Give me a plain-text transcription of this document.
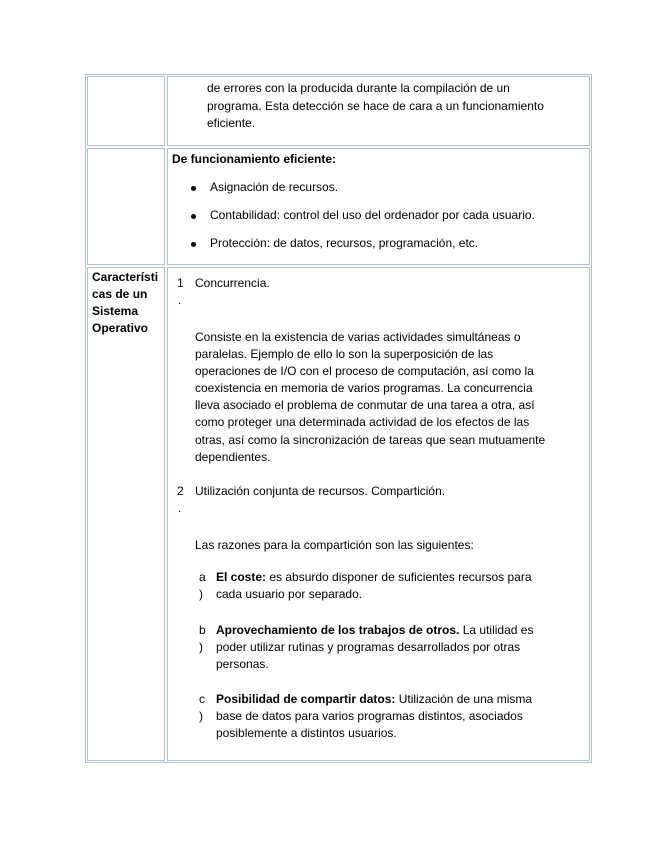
de errores con la producida durante la compilación de un
programa. Esta detección se hace de cara a un funcionamiento
eficiente.
De funcionamiento eficiente:
Asignación de recursos.
Contabilidad: control del uso del ordenador por cada usuario.
Protección: de datos, recursos, programación, etc.
Característi
cas de un
Sistema
Operativo
1
.
Concurrencia.
Consiste en la existencia de varias actividades simultáneas o
paralelas. Ejemplo de ello lo son la superposición de las
operaciones de I/O con el proceso de computación, así como la
coexistencia en memoria de varios programas. La concurrencia
lleva asociado el problema de conmutar de una tarea a otra, así
como proteger una determinada actividad de los efectos de las
otras, así como la sincronización de tareas que sean mutuamente
dependientes.
2
.
Utilización conjunta de recursos. Compartición.
Las razones para la compartición son las siguientes:
a
)
El coste: es absurdo disponer de suficientes recursos para
cada usuario por separado.
b
)
Aprovechamiento de los trabajos de otros. La utilidad es
poder utilizar rutinas y programas desarrollados por otras
personas.
c
)
Posibilidad de compartir datos: Utilización de una misma
base de datos para varios programas distintos, asociados
posiblemente a distintos usuarios.
